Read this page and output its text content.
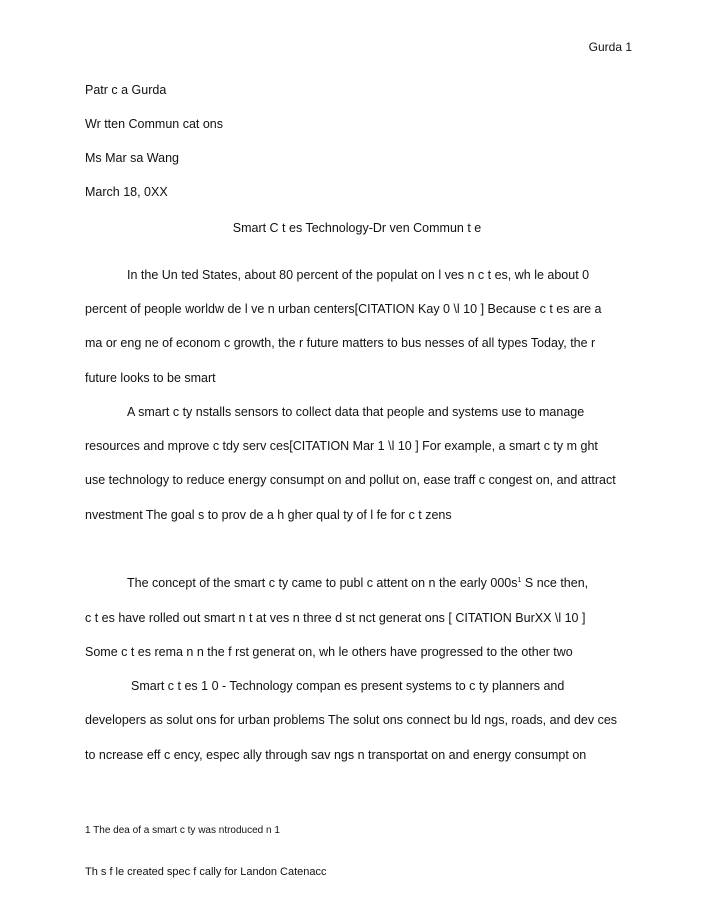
Gurda 1
Patr c a Gurda
Wr tten Commun cat ons
Ms Mar sa Wang
March 18, 0XX
Smart C t es Technology-Dr ven Commun t e
In the Un ted States, about 80 percent of the populat on l ves n c t es, wh le about 0
percent of people worldw de l ve n urban centers[CITATION Kay 0 \l 10 ] Because c t es are a
ma or eng ne of econom c growth, the r future matters to bus nesses of all types Today, the r
future looks to be smart
A smart c ty nstalls sensors to collect data that people and systems use to manage
resources and mprove c tdy serv ces[CITATION Mar 1 \l 10 ] For example, a smart c ty m ght
use technology to reduce energy consumpt on and pollut on, ease traff c congest on, and attract
nvestment The goal s to prov de a h gher qual ty of l fe for c t zens
The concept of the smart c ty came to publ c attent on n the early $000s^1$ S nce then,
c t es have rolled out smart n t at ves n three d st nct generat ons [ CITATION BurXX \l 10 ]
Some c t es rema n n the f rst generat on, wh le others have progressed to the other two
Smart c t es 1 0 - Technology compan es present systems to c ty planners and
developers as solut ons for urban problems The solut ons connect bu ld ngs, roads, and dev ces
to ncrease eff c ency, espec ally through sav ngs n transportat on and energy consumpt on
1 The dea of a smart c ty was ntroduced n 1
Th s f le created spec f cally for Landon Catenacc
